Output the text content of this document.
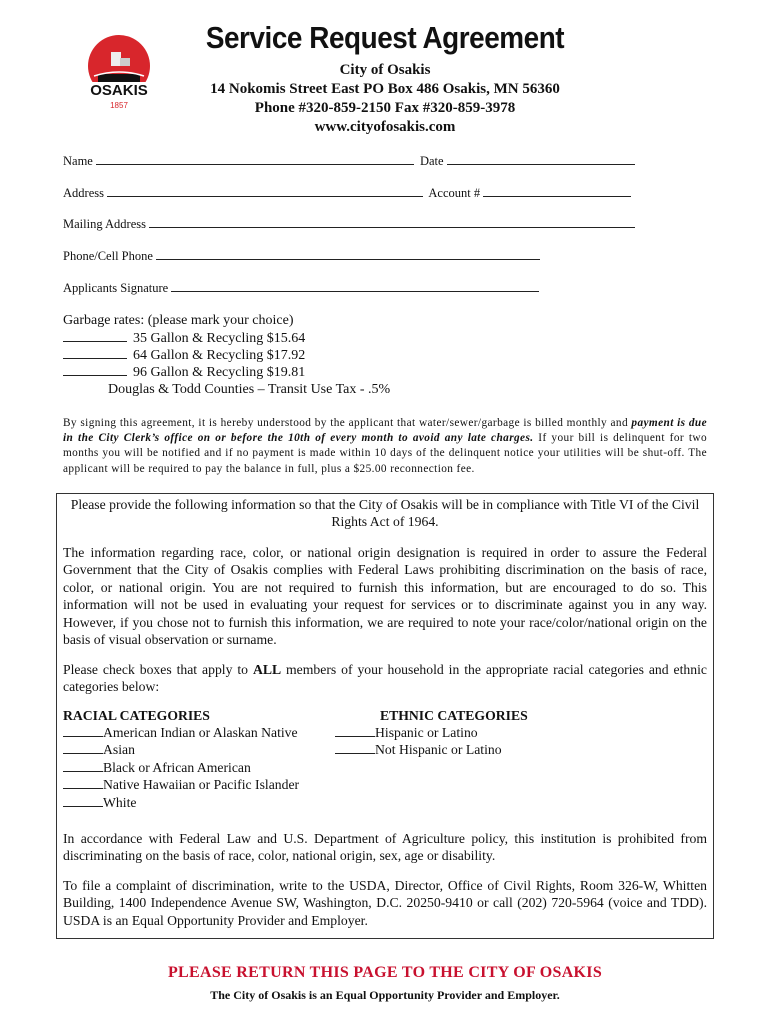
OSAKIS
1857
Service Request Agreement
City of Osakis
14 Nokomis Street East PO Box 486 Osakis, MN 56360
Phone #320-859-2150 Fax #320-859-3978
www.cityofosakis.com
Name	Date
Address	Account #
Mailing Address
Phone/Cell Phone
Applicants Signature
Garbage rates: (please mark your choice)
35 Gallon & Recycling $15.64
64 Gallon & Recycling $17.92
96 Gallon & Recycling $19.81
Douglas & Todd Counties – Transit Use Tax - .5%
By signing this agreement, it is hereby understood by the applicant that water/sewer/garbage is billed monthly and payment is due in the City Clerk’s office on or before the 10th of every month to avoid any late charges. If your bill is delinquent for two months you will be notified and if no payment is made within 10 days of the delinquent notice your utilities will be shut-off. The applicant will be required to pay the balance in full, plus a $25.00 reconnection fee.
Please provide the following information so that the City of Osakis will be in compliance with Title VI of the Civil Rights Act of 1964.
The information regarding race, color, or national origin designation is required in order to assure the Federal Government that the City of Osakis complies with Federal Laws prohibiting discrimination on the basis of race, color, or national origin. You are not required to furnish this information, but are encouraged to do so. This information will not be used in evaluating your request for services or to discriminate against you in any way. However, if you chose not to furnish this information, we are required to note your race/color/national origin on the basis of visual observation or surname.
Please check boxes that apply to ALL members of your household in the appropriate racial categories and ethnic categories below:
RACIAL CATEGORIES
American Indian or Alaskan Native
Asian
Black or African American
Native Hawaiian or Pacific Islander
White
ETHNIC CATEGORIES
Hispanic or Latino
Not Hispanic or Latino
In accordance with Federal Law and U.S. Department of Agriculture policy, this institution is prohibited from discriminating on the basis of race, color, national origin, sex, age or disability.
To file a complaint of discrimination, write to the USDA, Director, Office of Civil Rights, Room 326-W, Whitten Building, 1400 Independence Avenue SW, Washington, D.C. 20250-9410 or call (202) 720-5964 (voice and TDD). USDA is an Equal Opportunity Provider and Employer.
PLEASE RETURN THIS PAGE TO THE CITY OF OSAKIS
The City of Osakis is an Equal Opportunity Provider and Employer.
